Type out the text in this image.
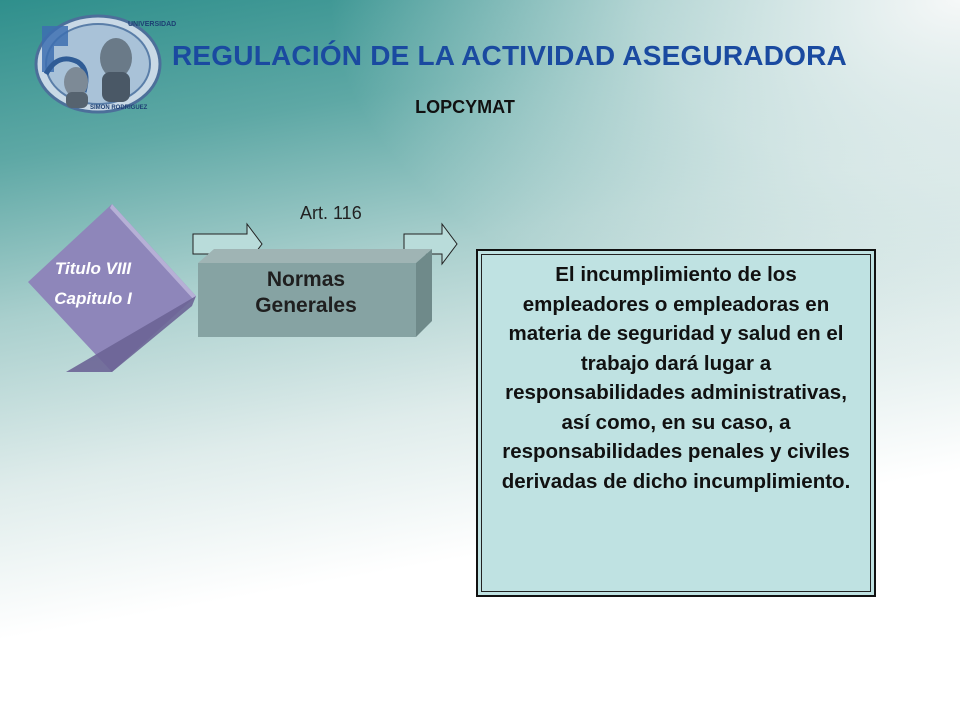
UNIVERSIDAD
SIMON RODRIGUEZ
REGULACIÓN DE LA ACTIVIDAD ASEGURADORA
LOPCYMAT
Titulo VIII
Capitulo I
Art. 116
Normas
Generales
El incumplimiento de los empleadores o empleadoras en materia de seguridad y salud en el trabajo dará lugar a responsabilidades administrativas, así como, en su caso, a responsabilidades penales y civiles derivadas de dicho incumplimiento.
